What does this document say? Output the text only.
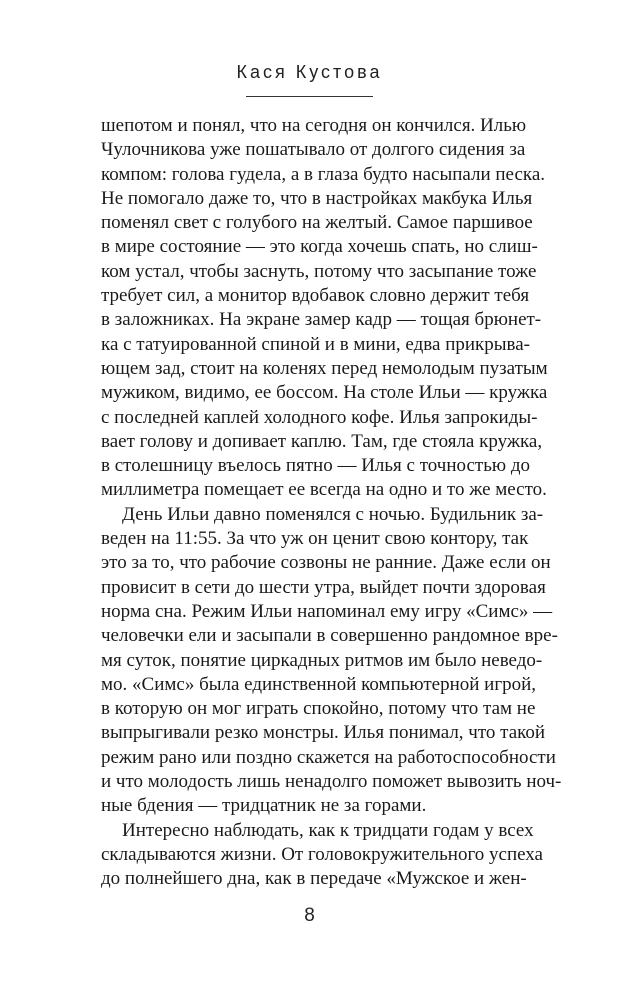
Кася Кустова
шепотом и понял, что на сегодня он кончился. Илью
Чулочникова уже пошатывало от долгого сидения за
компом: голова гудела, а в глаза будто насыпали песка.
Не помогало даже то, что в настройках макбука Илья
поменял свет с голубого на желтый. Самое паршивое
в мире состояние — это когда хочешь спать, но слиш-
ком устал, чтобы заснуть, потому что засыпание тоже
требует сил, а монитор вдобавок словно держит тебя
в заложниках. На экране замер кадр — тощая брюнет-
ка с татуированной спиной и в мини, едва прикрыва-
ющем зад, стоит на коленях перед немолодым пузатым
мужиком, видимо, ее боссом. На столе Ильи — кружка
с последней каплей холодного кофе. Илья запрокиды-
вает голову и допивает каплю. Там, где стояла кружка,
в столешницу въелось пятно — Илья с точностью до
миллиметра помещает ее всегда на одно и то же место.
День Ильи давно поменялся с ночью. Будильник за-
веден на 11:55. За что уж он ценит свою контору, так
это за то, что рабочие созвоны не ранние. Даже если он
провисит в сети до шести утра, выйдет почти здоровая
норма сна. Режим Ильи напоминал ему игру «Симс» —
человечки ели и засыпали в совершенно рандомное вре-
мя суток, понятие циркадных ритмов им было неведо-
мо. «Симс» была единственной компьютерной игрой,
в которую он мог играть спокойно, потому что там не
выпрыгивали резко монстры. Илья понимал, что такой
режим рано или поздно скажется на работоспособности
и что молодость лишь ненадолго поможет вывозить ноч-
ные бдения — тридцатник не за горами.
Интересно наблюдать, как к тридцати годам у всех
складываются жизни. От головокружительного успеха
до полнейшего дна, как в передаче «Мужское и жен-
8
